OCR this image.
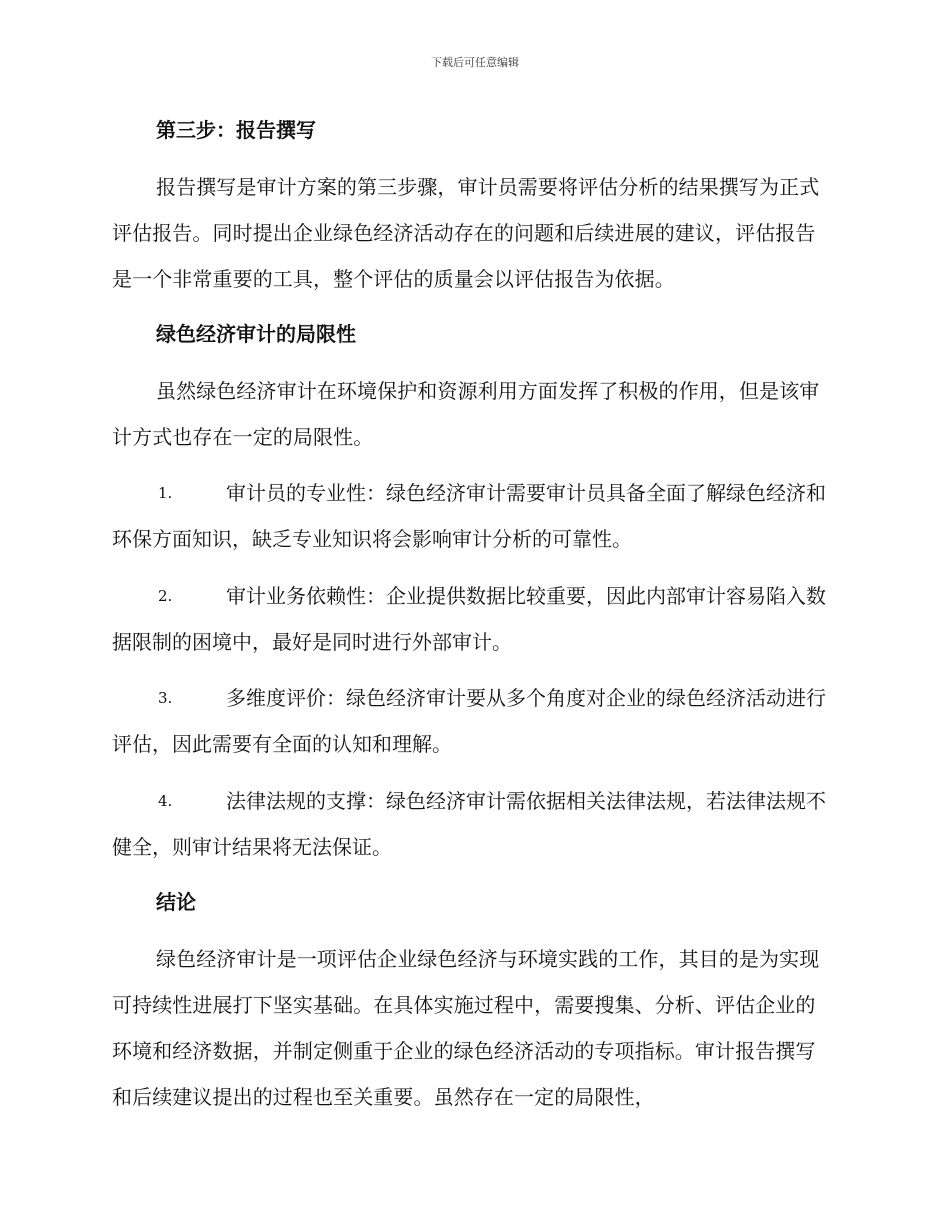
下载后可任意编辑
第三步：报告撰写

报告撰写是审计方案的第三步骤，审计员需要将评估分析的结果撰写为正式评估报告。同时提出企业绿色经济活动存在的问题和后续进展的建议，评估报告是一个非常重要的工具，整个评估的质量会以评估报告为依据。

绿色经济审计的局限性

虽然绿色经济审计在环境保护和资源利用方面发挥了积极的作用，但是该审计方式也存在一定的局限性。

1.	审计员的专业性：绿色经济审计需要审计员具备全面了解绿色经济和环保方面知识，缺乏专业知识将会影响审计分析的可靠性。
2.	审计业务依赖性：企业提供数据比较重要，因此内部审计容易陷入数据限制的困境中，最好是同时进行外部审计。
3.	多维度评价：绿色经济审计要从多个角度对企业的绿色经济活动进行评估，因此需要有全面的认知和理解。
4.	法律法规的支撑：绿色经济审计需依据相关法律法规，若法律法规不健全，则审计结果将无法保证。
结论

绿色经济审计是一项评估企业绿色经济与环境实践的工作，其目的是为实现可持续性进展打下坚实基础。在具体实施过程中，需要搜集、分析、评估企业的环境和经济数据，并制定侧重于企业的绿色经济活动的专项指标。审计报告撰写和后续建议提出的过程也至关重要。虽然存在一定的局限性，
